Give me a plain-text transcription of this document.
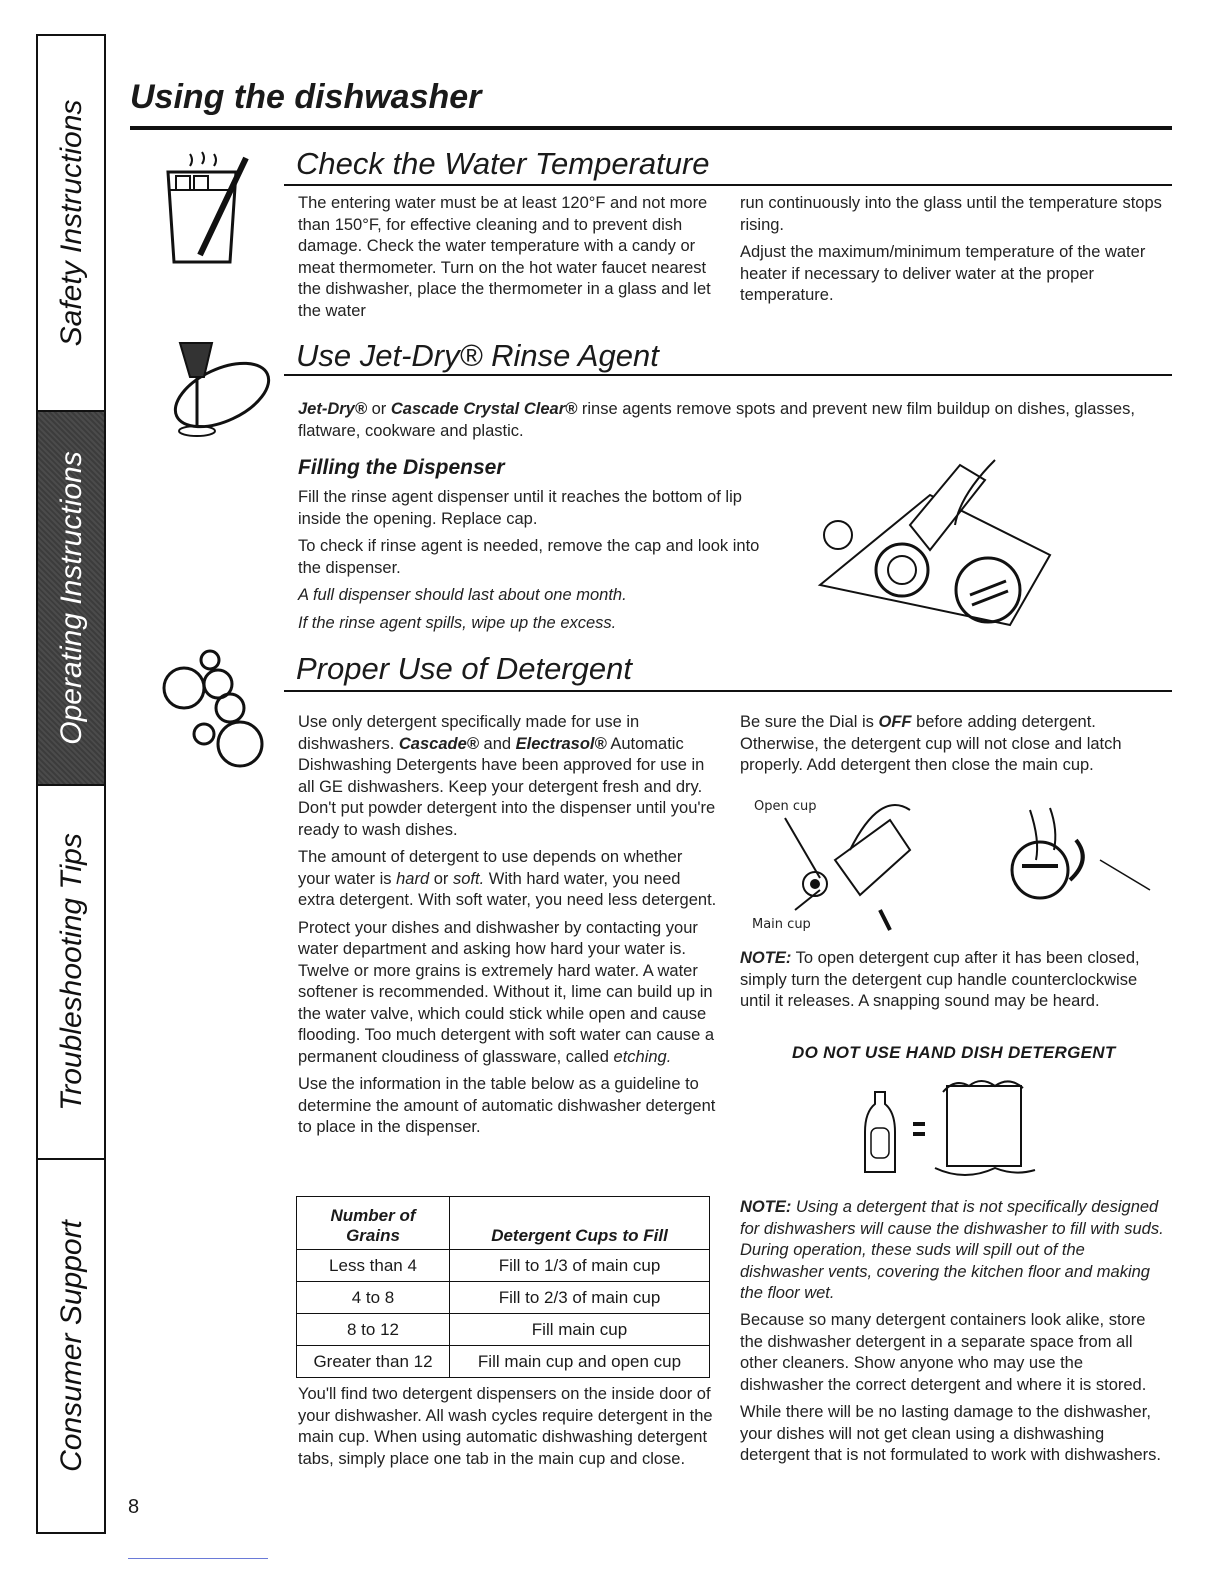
Safety Instructions
Operating Instructions
Troubleshooting Tips
Consumer Support
Using the dishwasher
Check the Water Temperature
The entering water must be at least 120°F and not more than 150°F, for effective cleaning and to prevent dish damage. Check the water temperature with a candy or meat thermometer. Turn on the hot water faucet nearest the dishwasher, place the thermometer in a glass and let the water

run continuously into the glass until the temperature stops rising.

Adjust the maximum/minimum temperature of the water heater if necessary to deliver water at the proper temperature.

Use Jet-Dry® Rinse Agent
Jet-Dry® or Cascade Crystal Clear® rinse agents remove spots and prevent new film buildup on dishes, glasses, flatware, cookware and plastic.
Filling the Dispenser

Fill the rinse agent dispenser until it reaches the bottom of lip inside the opening. Replace cap.

To check if rinse agent is needed, remove the cap and look into the dispenser.

A full dispenser should last about one month.

If the rinse agent spills, wipe up the excess.

Proper Use of Detergent

Use only detergent specifically made for use in dishwashers. Cascade® and Electrasol® Automatic Dishwashing Detergents have been approved for use in all GE dishwashers. Keep your detergent fresh and dry. Don't put powder detergent into the dispenser until you're ready to wash dishes.

The amount of detergent to use depends on whether your water is hard or soft. With hard water, you need extra detergent. With soft water, you need less detergent.

Protect your dishes and dishwasher by contacting your water department and asking how hard your water is. Twelve or more grains is extremely hard water. A water softener is recommended. Without it, lime can build up in the water valve, which could stick while open and cause flooding. Too much detergent with soft water can cause a permanent cloudiness of glassware, called etching.

Use the information in the table below as a guideline to determine the amount of automatic dishwasher detergent to place in the dispenser.

Number of Grains	Detergent Cups to Fill
Less than 4	Fill to 1/3 of main cup
4 to 8	Fill to 2/3 of main cup
8 to 12	Fill main cup
Greater than 12	Fill main cup and open cup
You'll find two detergent dispensers on the inside door of your dishwasher. All wash cycles require detergent in the main cup. When using automatic dishwashing detergent tabs, simply place one tab in the main cup and close.
Be sure the Dial is OFF before adding detergent. Otherwise, the detergent cup will not close and latch properly. Add detergent then close the main cup.
Open cup
Main cup
NOTE: To open detergent cup after it has been closed, simply turn the detergent cup handle counterclockwise until it releases. A snapping sound may be heard.
DO NOT USE HAND DISH DETERGENT
NOTE: Using a detergent that is not specifically designed for dishwashers will cause the dishwasher to fill with suds. During operation, these suds will spill out of the dishwasher vents, covering the kitchen floor and making the floor wet.

Because so many detergent containers look alike, store the dishwasher detergent in a separate space from all other cleaners. Show anyone who may use the dishwasher the correct detergent and where it is stored.

While there will be no lasting damage to the dishwasher, your dishes will not get clean using a dishwashing detergent that is not formulated to work with dishwashers.

8
